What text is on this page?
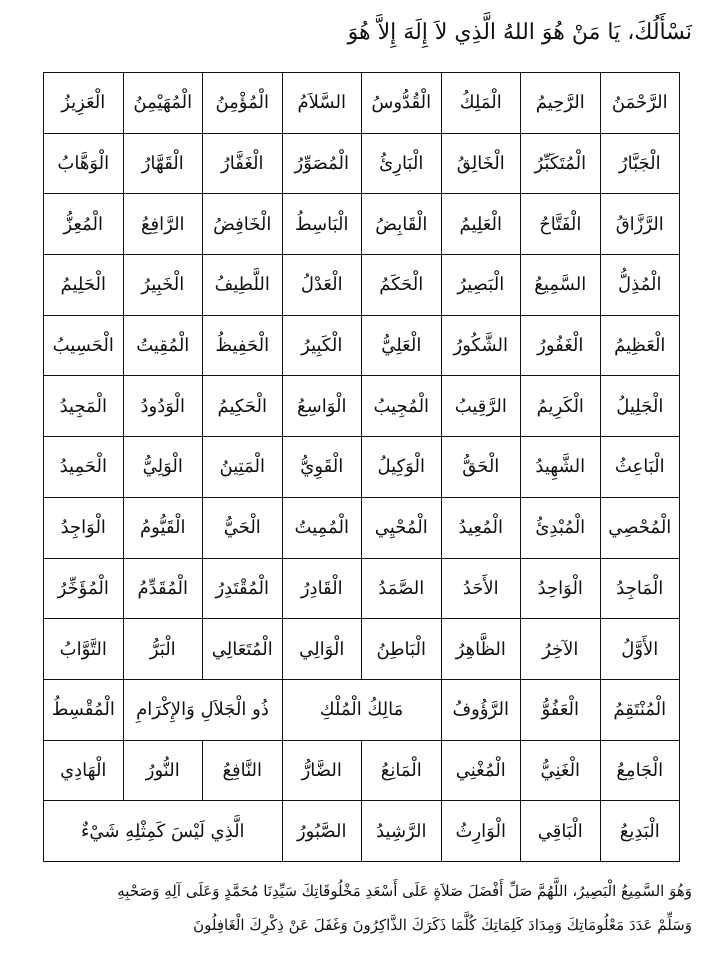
نَسْأَلُكَ، يَا مَنْ هُوَ اللهُ الَّذِي لاَ إِلَهَ إِلاَّ هُوَ
الرَّحْمَنُ
الرَّحِيمُ
الْمَلِكُ
الْقُدُّوسُ
السَّلاَمُ
الْمُؤْمِنُ
الْمُهَيْمِنُ
الْعَزِيزُ
الْجَبَّارُ
الْمُتَكَبِّرُ
الْخَالِقُ
الْبَارِئُ
الْمُصَوِّرُ
الْغَفَّارُ
الْقَهَّارُ
الْوَهَّابُ
الرَّزَّاقُ
الْفَتَّاحُ
الْعَلِيمُ
الْقَابِضُ
الْبَاسِطُ
الْخَافِضُ
الرَّافِعُ
الْمُعِزُّ
الْمُذِلُّ
السَّمِيعُ
الْبَصِيرُ
الْحَكَمُ
الْعَدْلُ
اللَّطِيفُ
الْخَبِيرُ
الْحَلِيمُ
الْعَظِيمُ
الْغَفُورُ
الشَّكُورُ
الْعَلِيُّ
الْكَبِيرُ
الْحَفِيظُ
الْمُقِيتُ
الْحَسِيبُ
الْجَلِيلُ
الْكَرِيمُ
الرَّقِيبُ
الْمُجِيبُ
الْوَاسِعُ
الْحَكِيمُ
الْوَدُودُ
الْمَجِيدُ
الْبَاعِثُ
الشَّهِيدُ
الْحَقُّ
الْوَكِيلُ
الْقَوِيُّ
الْمَتِينُ
الْوَلِيُّ
الْحَمِيدُ
الْمُحْصِي
الْمُبْدِئُ
الْمُعِيدُ
الْمُحْيِي
الْمُمِيتُ
الْحَيُّ
الْقَيُّومُ
الْوَاجِدُ
الْمَاجِدُ
الْوَاحِدُ
الأَحَدُ
الصَّمَدُ
الْقَادِرُ
الْمُقْتَدِرُ
الْمُقَدِّمُ
الْمُؤَخِّرُ
الأَوَّلُ
الآخِرُ
الظَّاهِرُ
الْبَاطِنُ
الْوَالِي
الْمُتَعَالِي
الْبَرُّ
التَّوَّابُ
الْمُنْتَقِمُ
الْعَفُوُّ
الرَّؤُوفُ
مَالِكُ الْمُلْكِ
ذُو الْجَلاَلِ وَالإِكْرَامِ
الْمُقْسِطُ
الْجَامِعُ
الْغَنِيُّ
الْمُغْنِي
الْمَانِعُ
الضَّارُّ
النَّافِعُ
النُّورُ
الْهَادِي
الْبَدِيعُ
الْبَاقِي
الْوَارِثُ
الرَّشِيدُ
الصَّبُورُ
الَّذِي لَيْسَ كَمِثْلِهِ شَيْءٌ
وَهُوَ السَّمِيعُ الْبَصِيرُ، اللَّهُمَّ صَلِّ أَفْضَلَ صَلاَةٍ عَلَى أَسْعَدِ مَخْلُوقَاتِكَ سَيِّدِنَا مُحَمَّدٍ وَعَلَى آلِهِ وَصَحْبِهِ
وَسَلِّمْ عَدَدَ مَعْلُومَاتِكَ وَمِدَادَ كَلِمَاتِكَ كُلَّمَا ذَكَرَكَ الذَّاكِرُونَ وَغَفَلَ عَنْ ذِكْرِكَ الْغَافِلُونَ
